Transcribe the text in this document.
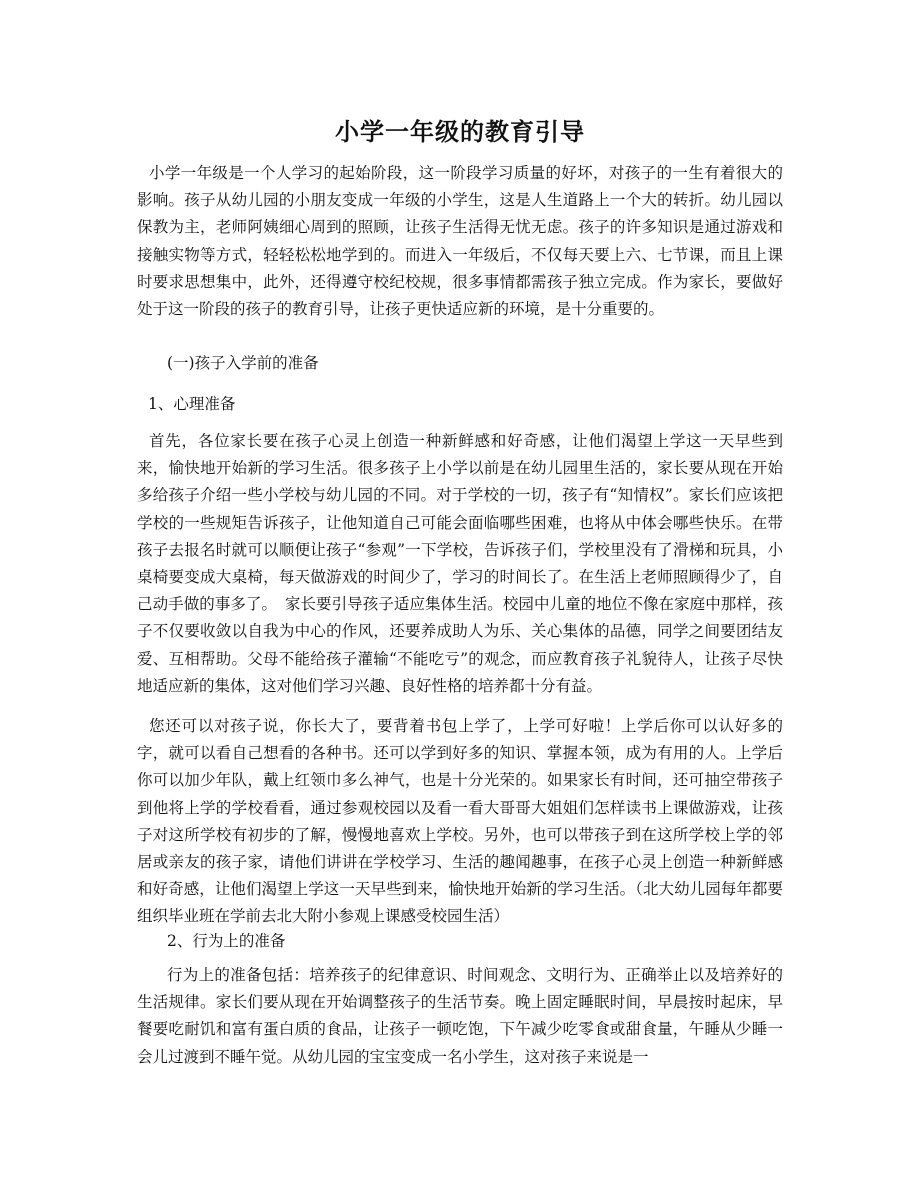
小学一年级的教育引导

小学一年级是一个人学习的起始阶段，这一阶段学习质量的好坏，对孩子的一生有着很大的影响。孩子从幼儿园的小朋友变成一年级的小学生，这是人生道路上一个大的转折。幼儿园以保教为主，老师阿姨细心周到的照顾，让孩子生活得无忧无虑。孩子的许多知识是通过游戏和接触实物等方式，轻轻松松地学到的。而进入一年级后，不仅每天要上六、七节课，而且上课时要求思想集中，此外，还得遵守校纪校规，很多事情都需孩子独立完成。作为家长，要做好处于这一阶段的孩子的教育引导，让孩子更快适应新的环境，是十分重要的。

(一)孩子入学前的准备

1、心理准备

首先，各位家长要在孩子心灵上创造一种新鲜感和好奇感，让他们渴望上学这一天早些到来，愉快地开始新的学习生活。很多孩子上小学以前是在幼儿园里生活的，家长要从现在开始多给孩子介绍一些小学校与幼儿园的不同。对于学校的一切，孩子有“知情权”。家长们应该把学校的一些规矩告诉孩子，让他知道自己可能会面临哪些困难，也将从中体会哪些快乐。在带孩子去报名时就可以顺便让孩子“参观”一下学校，告诉孩子们，学校里没有了滑梯和玩具，小桌椅要变成大桌椅，每天做游戏的时间少了，学习的时间长了。在生活上老师照顾得少了，自己动手做的事多了。　家长要引导孩子适应集体生活。校园中儿童的地位不像在家庭中那样，孩子不仅要收敛以自我为中心的作风，还要养成助人为乐、关心集体的品德，同学之间要团结友爱、互相帮助。父母不能给孩子灌输“不能吃亏”的观念，而应教育孩子礼貌待人，让孩子尽快地适应新的集体，这对他们学习兴趣、良好性格的培养都十分有益。

您还可以对孩子说，你长大了，要背着书包上学了，上学可好啦！上学后你可以认好多的字，就可以看自己想看的各种书。还可以学到好多的知识、掌握本领，成为有用的人。上学后你可以加少年队，戴上红领巾多么神气，也是十分光荣的。如果家长有时间，还可抽空带孩子到他将上学的学校看看，通过参观校园以及看一看大哥哥大姐姐们怎样读书上课做游戏，让孩子对这所学校有初步的了解，慢慢地喜欢上学校。另外，也可以带孩子到在这所学校上学的邻居或亲友的孩子家，请他们讲讲在学校学习、生活的趣闻趣事，在孩子心灵上创造一种新鲜感和好奇感，让他们渴望上学这一天早些到来，愉快地开始新的学习生活。（北大幼儿园每年都要组织毕业班在学前去北大附小参观上课感受校园生活）

2、行为上的准备

行为上的准备包括：培养孩子的纪律意识、时间观念、文明行为、正确举止以及培养好的生活规律。家长们要从现在开始调整孩子的生活节奏。晚上固定睡眠时间，早晨按时起床，早餐要吃耐饥和富有蛋白质的食品，让孩子一顿吃饱，下午减少吃零食或甜食量，午睡从少睡一会儿过渡到不睡午觉。从幼儿园的宝宝变成一名小学生，这对孩子来说是一
